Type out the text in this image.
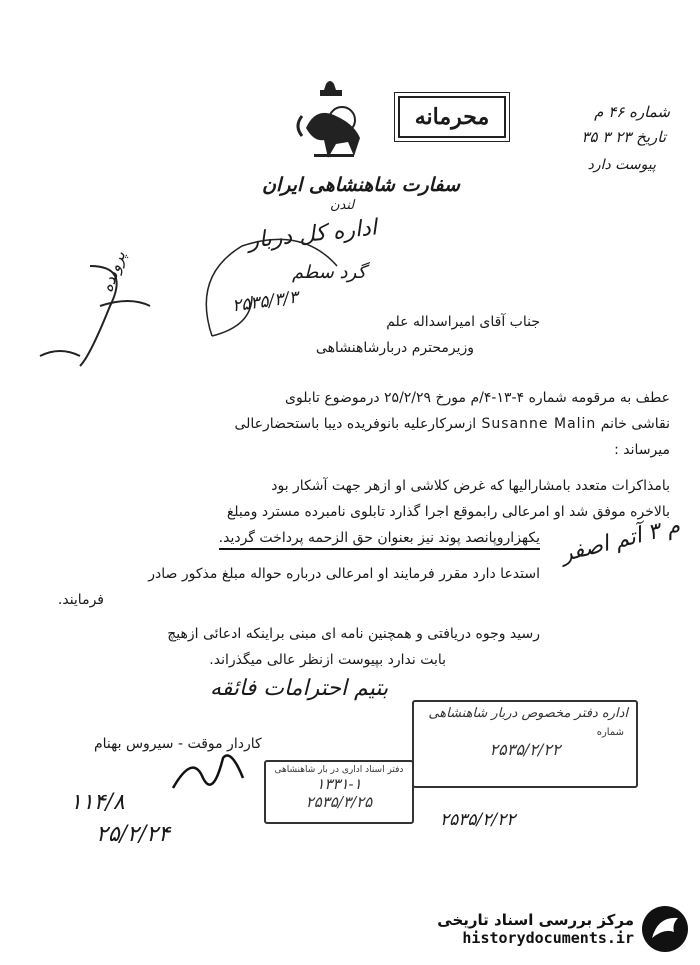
محرمانه	شماره ۴۶ م
تاریخ ۲۳ ۳ ۳۵
پیوست دارد
سفارت شاهنشاهی ایران
لندن
اداره کل دربار
گرد سطم
۲۵۳۵/۳/۳
پرونده
جناب آقای امیراسداله علم
وزیرمحترم دربارشاهنشاهی
عطف به مرقومه شماره ۴-۱۳-۴/م مورخ ۲۵/۲/۲۹ درموضوع تابلوی
نقاشی خانم Susanne Malin ازسرکارعلیه بانوفریده دیبا باستحضارعالی
میرساند :
بامذاکرات متعدد بامشارالیها که غرض کلاشی او ازهر جهت آشکار بود
بالاخره موفق شد او امرعالی رابموقع اجرا گذارد تابلوی نامبرده مسترد ومبلغ
یکهزاروپانصد پوند نیز بعنوان حق الزحمه پرداخت گردید. م ۳ آتم اصفر
استدعا دارد مقرر فرمایند او امرعالی درباره حواله مبلغ مذکور صادر
فرمایند.
رسید وجوه دریافتی و همچنین نامه ای مبنی براینکه ادعائی ازهیچ
بابت ندارد بپیوست ازنظر عالی میگذراند.
بتیم احترامات فائقه
کاردار موقت - سیروس بهنام
۱۱۴/۸
۲۵/۲/۲۴
دفتر اسناد اداری در بار شاهنشاهی
۱۳۳۱-۱
۲۵۳۵/۳/۲۵
اداره دفتر مخصوص دربار شاهنشاهی
شماره
۲۵۳۵/۲/۲۲
۲۵۳۵/۲/۲۲
مرکز بررسی اسناد تاریخی
historydocuments.ir
